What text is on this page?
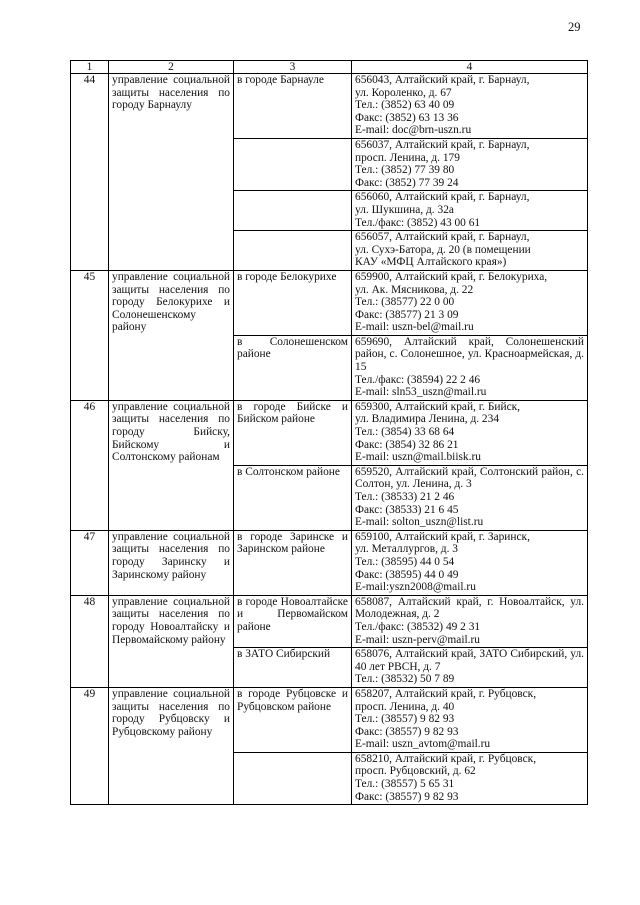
29
1	2	3	4
44	управление социальной защиты населения по городу Барнаулу	в городе Барнауле	656043, Алтайский край, г. Барнаул,
ул. Короленко, д. 67
Тел.: (3852) 63 40 09
Факс: (3852) 63 13 36
E-mail: doc@brn-uszn.ru

			656037, Алтайский край, г. Барнаул,
просп. Ленина, д. 179
Тел.: (3852) 77 39 80
Факс: (3852) 77 39 24

			656060, Алтайский край, г. Барнаул,
ул. Шукшина, д. 32а
Тел./факс: (3852) 43 00 61

			656057, Алтайский край, г. Барнаул,
ул. Сухэ-Батора, д. 20 (в помещении
КАУ «МФЦ Алтайского края»)

45	управление социальной защиты населения по городу Белокурихе и Солонешенскому району	в городе Белокурихе	659900, Алтайский край, г. Белокуриха,
ул. Ак. Мясникова, д. 22
Тел.: (38577) 22 0 00
Факс: (38577) 21 3 09
E-mail: uszn-bel@mail.ru

		в Солонешенском районе	659690, Алтайский край, Солонешенский район, с. Солонешное, ул. Красноармейская, д. 15
Тел./факс: (38594) 22 2 46
E-mail: sln53_uszn@mail.ru

46	управление социальной защиты населения по городу Бийску, Бийскому и Солтонскому районам	в городе Бийске и Бийском районе	659300, Алтайский край, г. Бийск,
ул. Владимира Ленина, д. 234
Тел.: (3854) 33 68 64
Факс: (3854) 32 86 21
E-mail: uszn@mail.biisk.ru

		в Солтонском районе	659520, Алтайский край, Солтонский район, с. Солтон, ул. Ленина, д. 3
Тел.: (38533) 21 2 46
Факс: (38533) 21 6 45
E-mail: solton_uszn@list.ru

47	управление социальной защиты населения по городу Заринску и Заринскому району	в городе Заринске и Заринском районе	659100, Алтайский край, г. Заринск,
ул. Металлургов, д. 3
Тел.: (38595) 44 0 54
Факс: (38595) 44 0 49
E-mail:yszn2008@mail.ru

48	управление социальной защиты населения по городу Новоалтайску и Первомайскому району	в городе Новоалтайске и Первомайском районе	658087, Алтайский край, г. Новоалтайск, ул. Молодежная, д. 2
Тел./факс: (38532) 49 2 31
E-mail: uszn-perv@mail.ru

		в ЗАТО Сибирский	658076, Алтайский край, ЗАТО Сибирский, ул. 40 лет РВСН, д. 7
Тел.: (38532) 50 7 89

49	управление социальной защиты населения по городу Рубцовску и Рубцовскому району	в городе Рубцовске и Рубцовском районе	658207, Алтайский край, г. Рубцовск,
просп. Ленина, д. 40
Тел.: (38557) 9 82 93
Факс: (38557) 9 82 93
E-mail: uszn_avtom@mail.ru

			658210, Алтайский край, г. Рубцовск,
просп. Рубцовский, д. 62
Тел.: (38557) 5 65 31
Факс: (38557) 9 82 93
